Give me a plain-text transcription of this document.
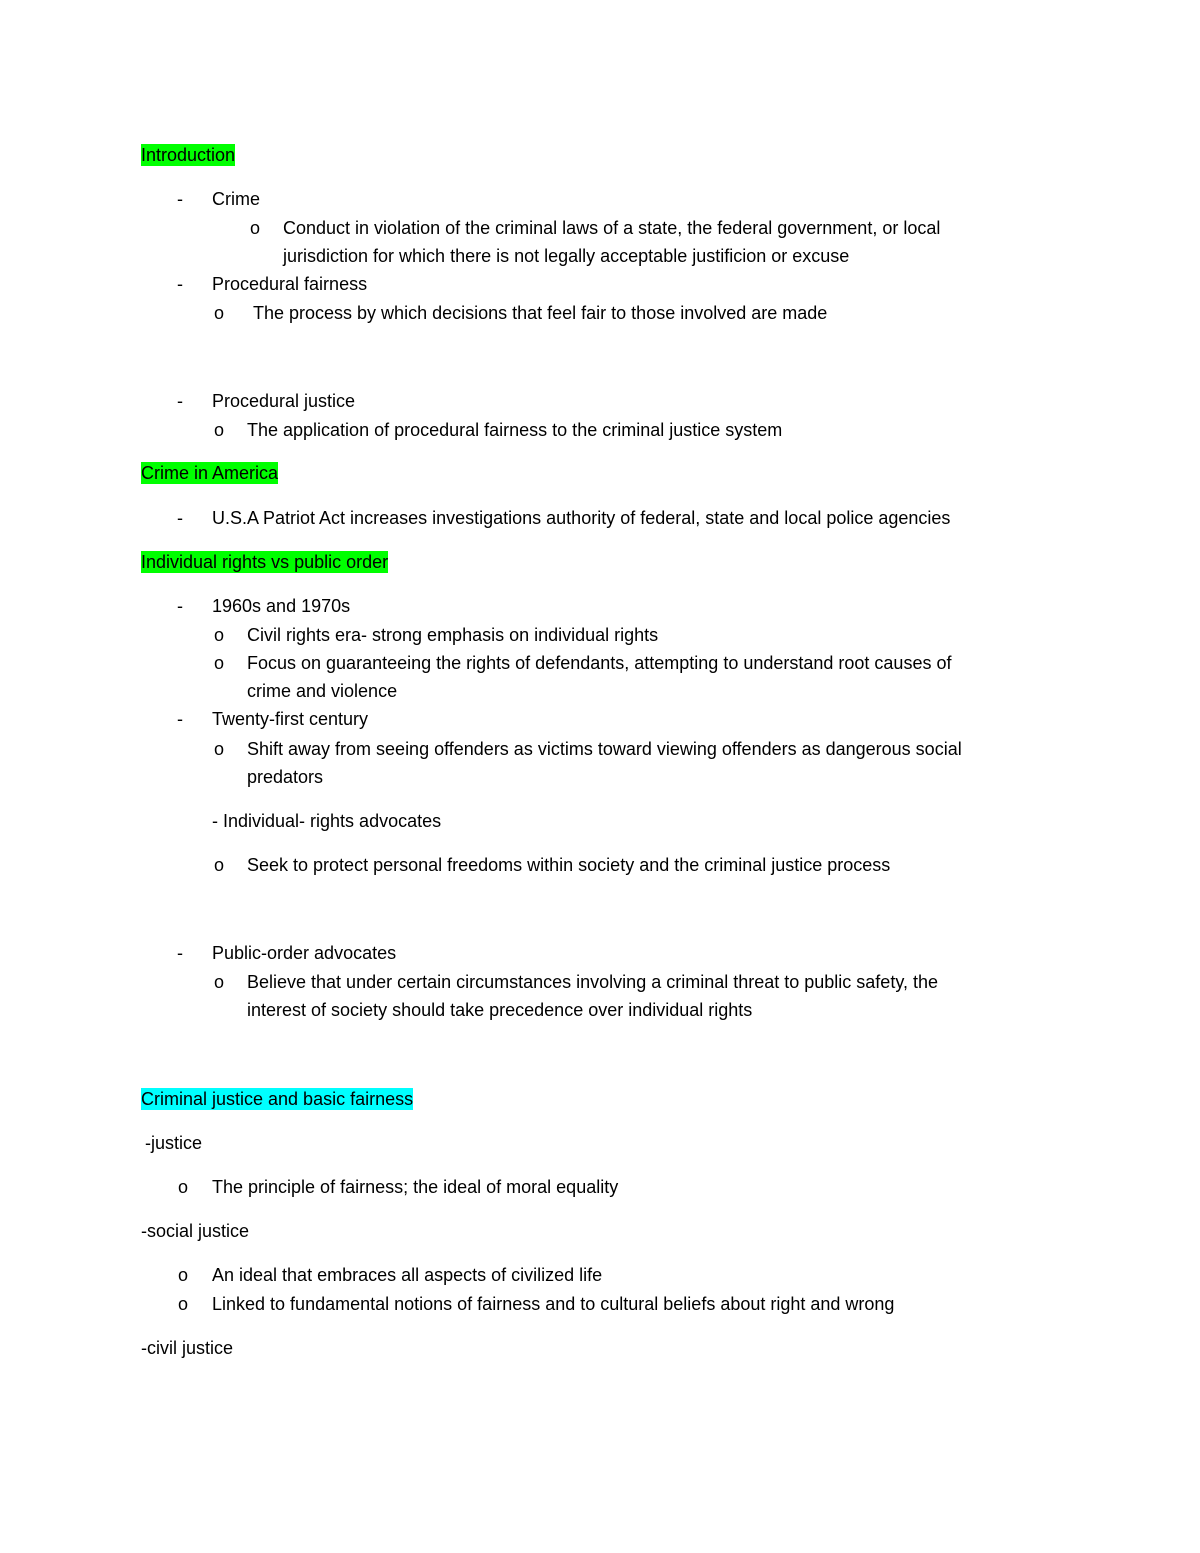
Introduction
- Crime
o Conduct in violation of the criminal laws of a state, the federal government, or local
jurisdiction for which there is not legally acceptable justificion or excuse
- Procedural fairness
o The process by which decisions that feel fair to those involved are made
- Procedural justice
o The application of procedural fairness to the criminal justice system
Crime in America
- U.S.A Patriot Act increases investigations authority of federal, state and local police agencies
Individual rights vs public order
- 1960s and 1970s
o Civil rights era- strong emphasis on individual rights
o Focus on guaranteeing the rights of defendants, attempting to understand root causes of
crime and violence
- Twenty-first century
o Shift away from seeing offenders as victims toward viewing offenders as dangerous social
predators
- Individual- rights advocates
o Seek to protect personal freedoms within society and the criminal justice process
- Public-order advocates
o Believe that under certain circumstances involving a criminal threat to public safety, the
interest of society should take precedence over individual rights
Criminal justice and basic fairness
-justice
o The principle of fairness; the ideal of moral equality
-social justice
o An ideal that embraces all aspects of civilized life
o Linked to fundamental notions of fairness and to cultural beliefs about right and wrong
-civil justice
